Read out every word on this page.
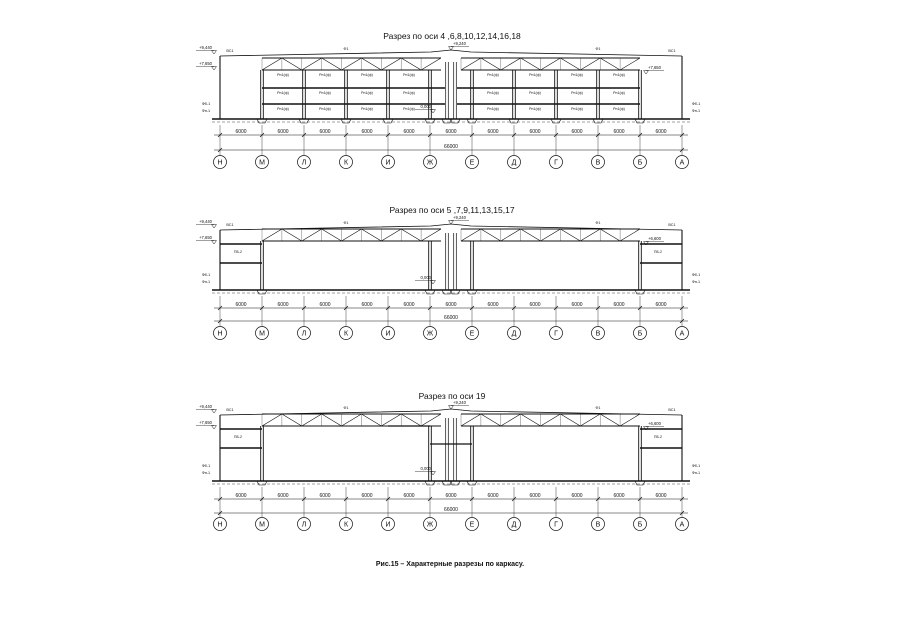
Разрез по оси 4 ,6,8,10,12,14,16,18
Рп1(ф)
Рп1(ф)
Рп1(ф)
Рп1(ф)
Рп1(ф)
Рп1(ф)
Рп1(ф)
Рп1(ф)
Рп1(ф)
Рп1(ф)
Рп1(ф)
Рп1(ф)
Рп1(ф)
Рп1(ф)
Рп1(ф)
Рп1(ф)
Рп1(ф)
Рп1(ф)
Рп1(ф)
Рп1(ф)
Рп1(ф)
Рп1(ф)
Рп1(ф)
Рп1(ф)
+9,440
+7,650
+9,240
+7,650
0,000
ВС1	Ф1	Ф1	ВС1
Фб-1
Фн-1
Фб-1
Фн-1
6000	6000	6000	6000	6000	6000	6000	6000	6000	6000	6000
66000
Н	М	Л	К	И	Ж	Е	Д	Г	В	Б	А
Разрез по оси 5 ,7,9,11,13,15,17
ПБ-2	ПБ-2
+9,440
+7,650
+9,240
+6,600
0,000
ВС1	Ф1	Ф1	ВС1
Фб-1
Фн-1
Фб-1
Фн-1
6000	6000	6000	6000	6000	6000	6000	6000	6000	6000	6000
66000
Н	М	Л	К	И	Ж	Е	Д	Г	В	Б	А
Разрез по оси 19
ПБ-2	ПБ-2
+9,440
+7,650
+9,240
+6,600
0,000
ВС1	Ф1	Ф1	ВС1
Фб-1
Фн-1
Фб-1
Фн-1
6000	6000	6000	6000	6000	6000	6000	6000	6000	6000	6000
66000
Н	М	Л	К	И	Ж	Е	Д	Г	В	Б	А
Рис.15 – Характерные разрезы по каркасу.
